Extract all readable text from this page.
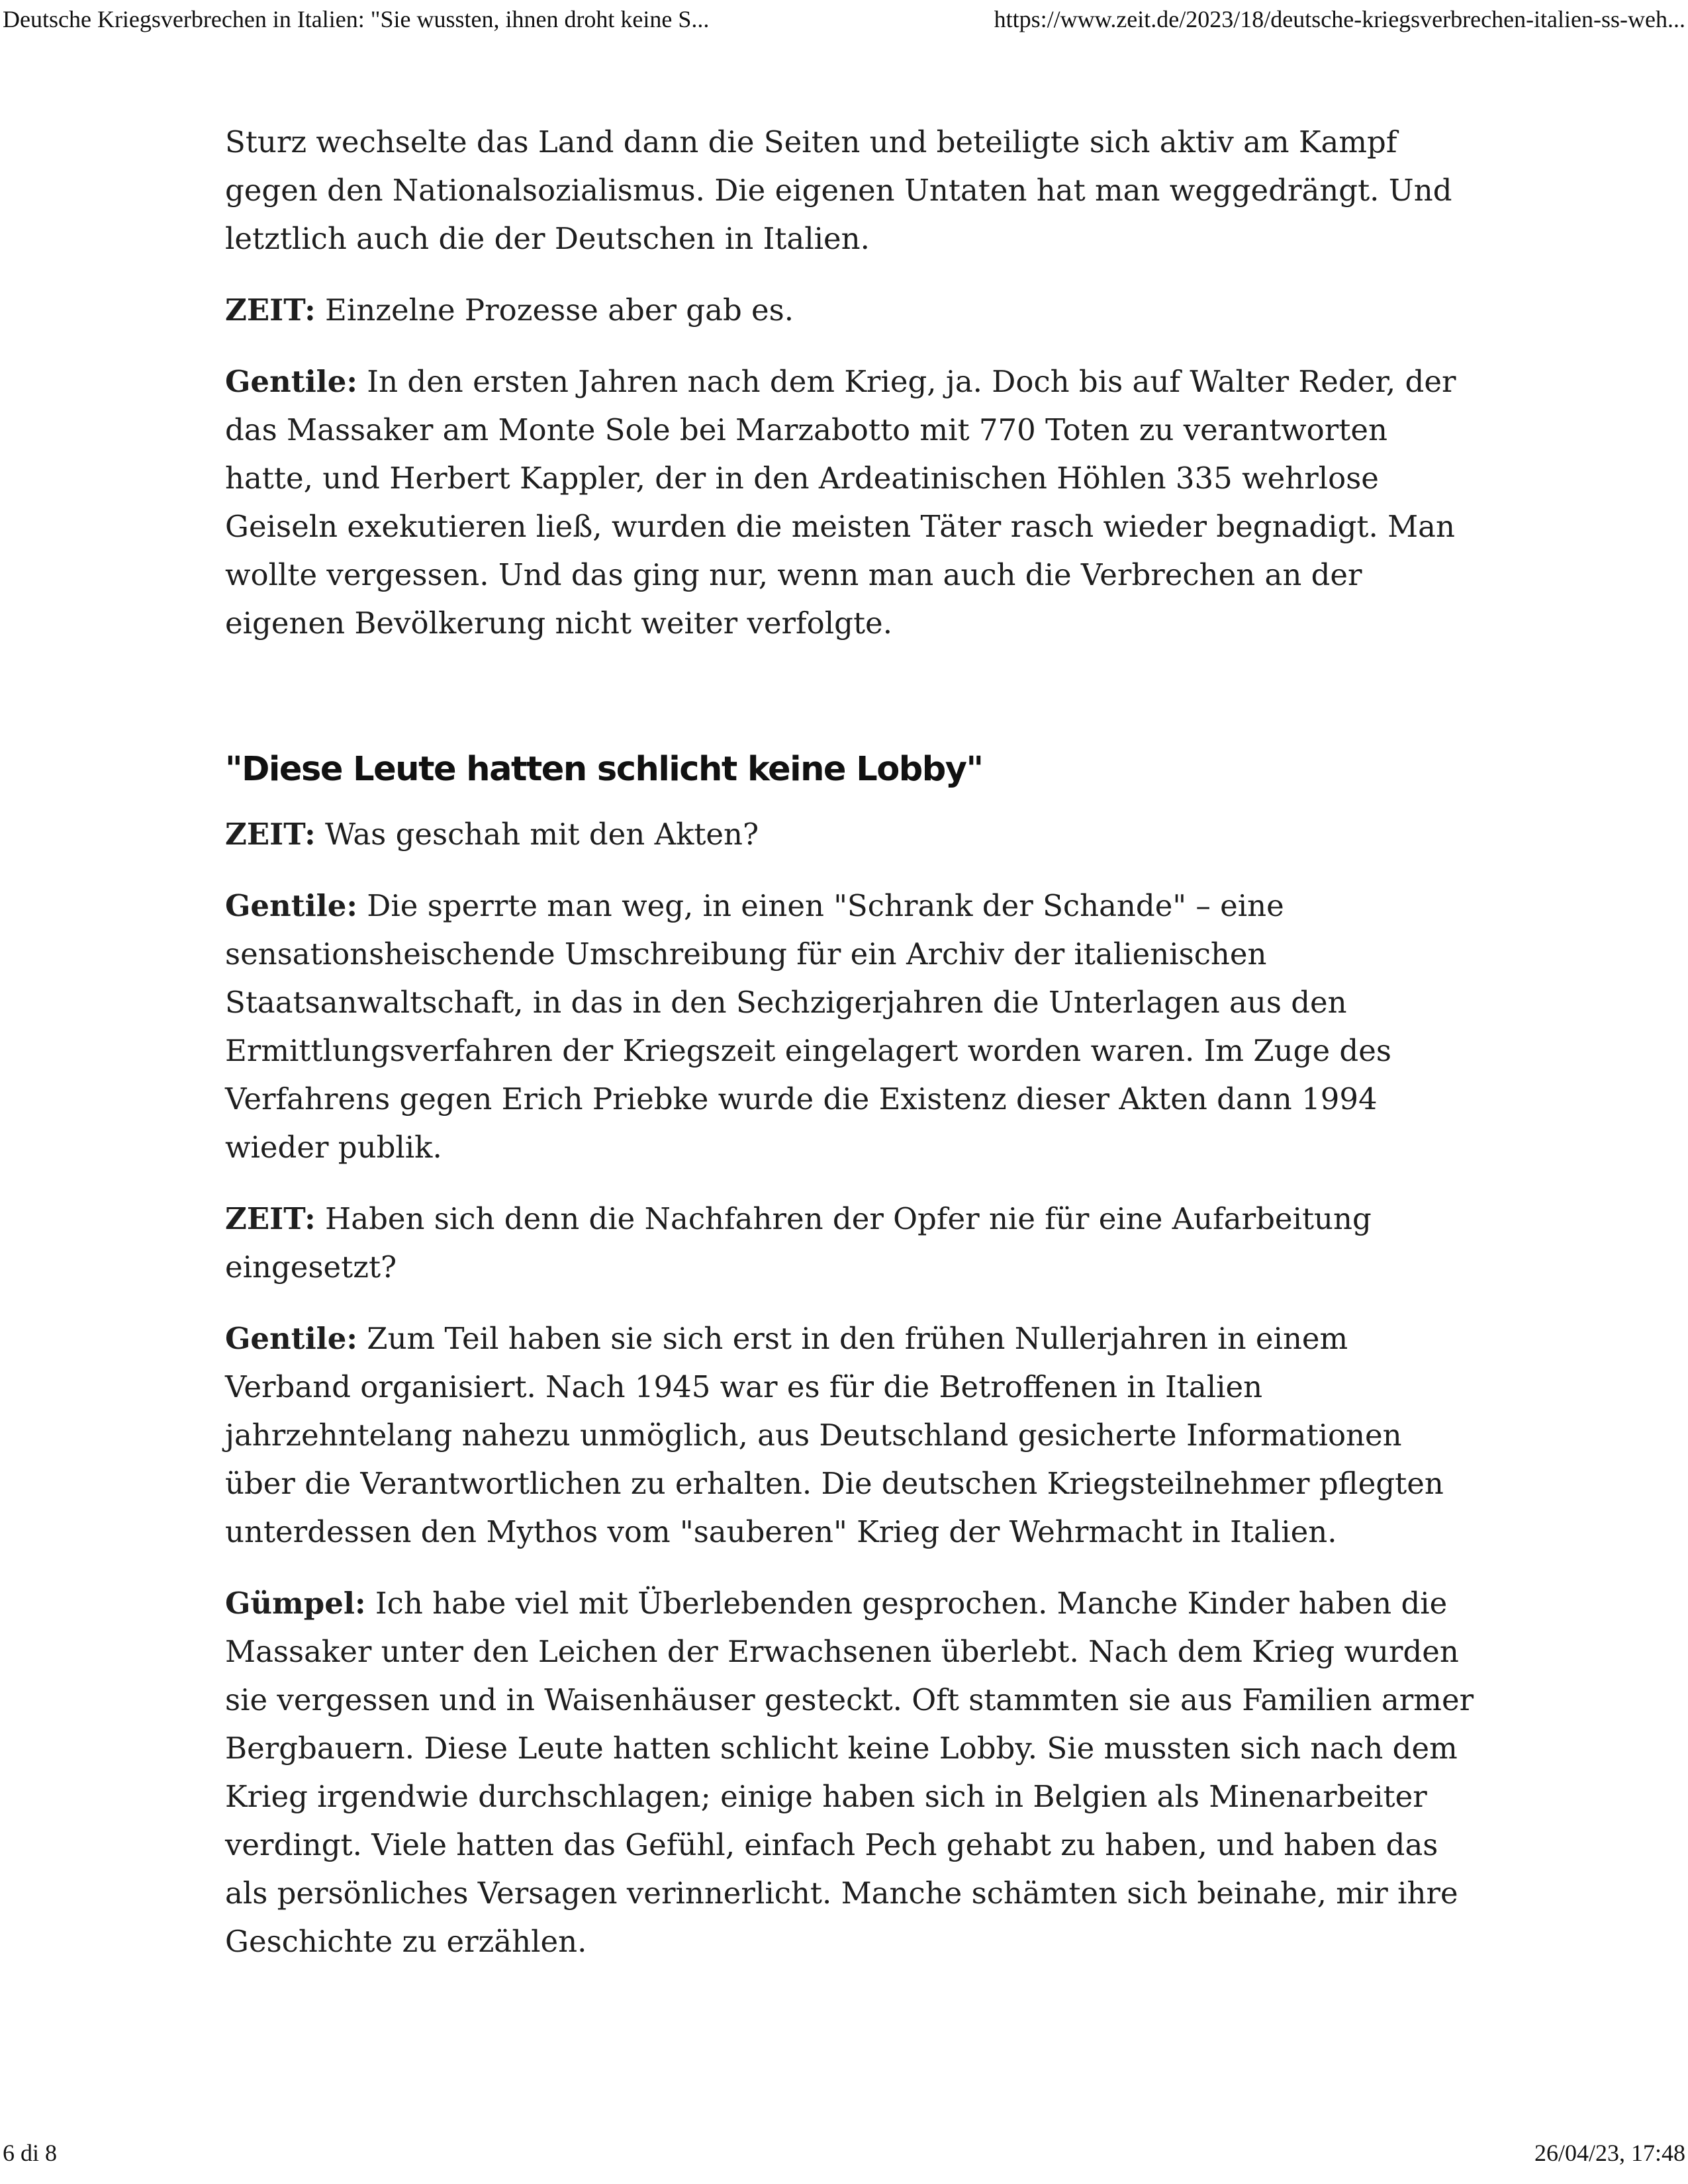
Deutsche Kriegsverbrechen in Italien: "Sie wussten, ihnen droht keine S...	https://www.zeit.de/2023/18/deutsche-kriegsverbrechen-italien-ss-weh...

Sturz wechselte das Land dann die Seiten und beteiligte sich aktiv am Kampf gegen den Nationalsozialismus. Die eigenen Untaten hat man weggedrängt. Und letztlich auch die der Deutschen in Italien.

ZEIT: Einzelne Prozesse aber gab es.

Gentile: In den ersten Jahren nach dem Krieg, ja. Doch bis auf Walter Reder, der das Massaker am Monte Sole bei Marzabotto mit 770 Toten zu verantworten hatte, und Herbert Kappler, der in den Ardeatinischen Höhlen 335 wehrlose Geiseln exekutieren ließ, wurden die meisten Täter rasch wieder begnadigt. Man wollte vergessen. Und das ging nur, wenn man auch die Verbrechen an der eigenen Bevölkerung nicht weiter verfolgte.

"Diese Leute hatten schlicht keine Lobby"

ZEIT: Was geschah mit den Akten?

Gentile: Die sperrte man weg, in einen "Schrank der Schande" – eine sensationsheischende Umschreibung für ein Archiv der italienischen Staatsanwaltschaft, in das in den Sechzigerjahren die Unterlagen aus den Ermittlungsverfahren der Kriegszeit eingelagert worden waren. Im Zuge des Verfahrens gegen Erich Priebke wurde die Existenz dieser Akten dann 1994 wieder publik.

ZEIT: Haben sich denn die Nachfahren der Opfer nie für eine Aufarbeitung eingesetzt?

Gentile: Zum Teil haben sie sich erst in den frühen Nullerjahren in einem Verband organisiert. Nach 1945 war es für die Betroffenen in Italien jahrzehntelang nahezu unmöglich, aus Deutschland gesicherte Informationen über die Verantwortlichen zu erhalten. Die deutschen Kriegsteilnehmer pflegten unterdessen den Mythos vom "sauberen" Krieg der Wehrmacht in Italien.

Gümpel: Ich habe viel mit Überlebenden gesprochen. Manche Kinder haben die Massaker unter den Leichen der Erwachsenen überlebt. Nach dem Krieg wurden sie vergessen und in Waisenhäuser gesteckt. Oft stammten sie aus Familien armer Bergbauern. Diese Leute hatten schlicht keine Lobby. Sie mussten sich nach dem Krieg irgendwie durchschlagen; einige haben sich in Belgien als Minenarbeiter verdingt. Viele hatten das Gefühl, einfach Pech gehabt zu haben, und haben das als persönliches Versagen verinnerlicht. Manche schämten sich beinahe, mir ihre Geschichte zu erzählen.

6 di 8	26/04/23, 17:48
